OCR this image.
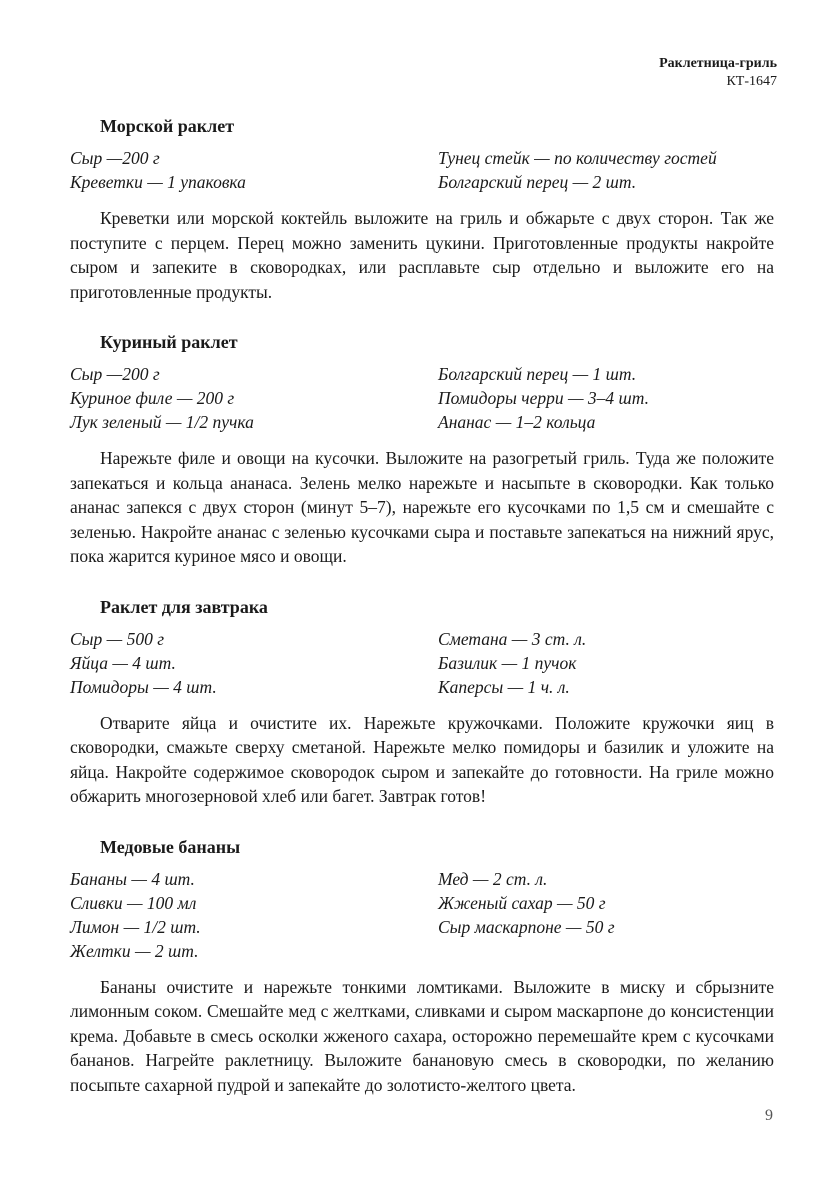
Раклетница-гриль
КТ-1647
Морской раклет
Сыр —200 г
Креветки — 1 упаковка
Тунец стейк — по количеству гостей
Болгарский перец — 2 шт.

Креветки или морской коктейль выложите на гриль и обжарьте с двух сторон. Так же поступите с перцем. Перец можно заменить цукини. Приготовленные продукты накройте сыром и запеките в сковородках, или расплавьте сыр отдельно и выложите его на приготовленные продукты.

Куриный раклет
Сыр —200 г
Куриное филе — 200 г
Лук зеленый — 1/2 пучка
Болгарский перец — 1 шт.
Помидоры черри — 3–4 шт.
Ананас — 1–2 кольца

Нарежьте филе и овощи на кусочки. Выложите на разогретый гриль. Туда же положите запекаться и кольца ананаса. Зелень мелко нарежьте и насыпьте в сковородки. Как только ананас запекся с двух сторон (минут 5–7), нарежьте его кусочками по 1,5 см и смешайте с зеленью. Накройте ананас с зеленью кусочками сыра и поставьте запекаться на нижний ярус, пока жарится куриное мясо и овощи.

Раклет для завтрака
Сыр — 500 г
Яйца — 4 шт.
Помидоры — 4 шт.
Сметана — 3 ст. л.
Базилик — 1 пучок
Каперсы — 1 ч. л.

Отварите яйца и очистите их. Нарежьте кружочками. Положите кружочки яиц в сковородки, смажьте сверху сметаной. Нарежьте мелко помидоры и базилик и уложите на яйца. Накройте содержимое сковородок сыром и запекайте до готовности. На гриле можно обжарить многозерновой хлеб или багет. Завтрак готов!

Медовые бананы
Бананы — 4 шт.
Сливки — 100 мл
Лимон — 1/2 шт.
Желтки — 2 шт.
Мед — 2 ст. л.
Жженый сахар — 50 г
Сыр маскарпоне — 50 г

Бананы очистите и нарежьте тонкими ломтиками. Выложите в миску и сбрызните лимонным соком. Смешайте мед с желтками, сливками и сыром маскарпоне до консистенции крема. Добавьте в смесь осколки жженого сахара, осторожно перемешайте крем с кусочками бананов. Нагрейте раклетницу. Выложите банановую смесь в сковородки, по желанию посыпьте сахарной пудрой и запекайте до золотисто-желтого цвета.

9
